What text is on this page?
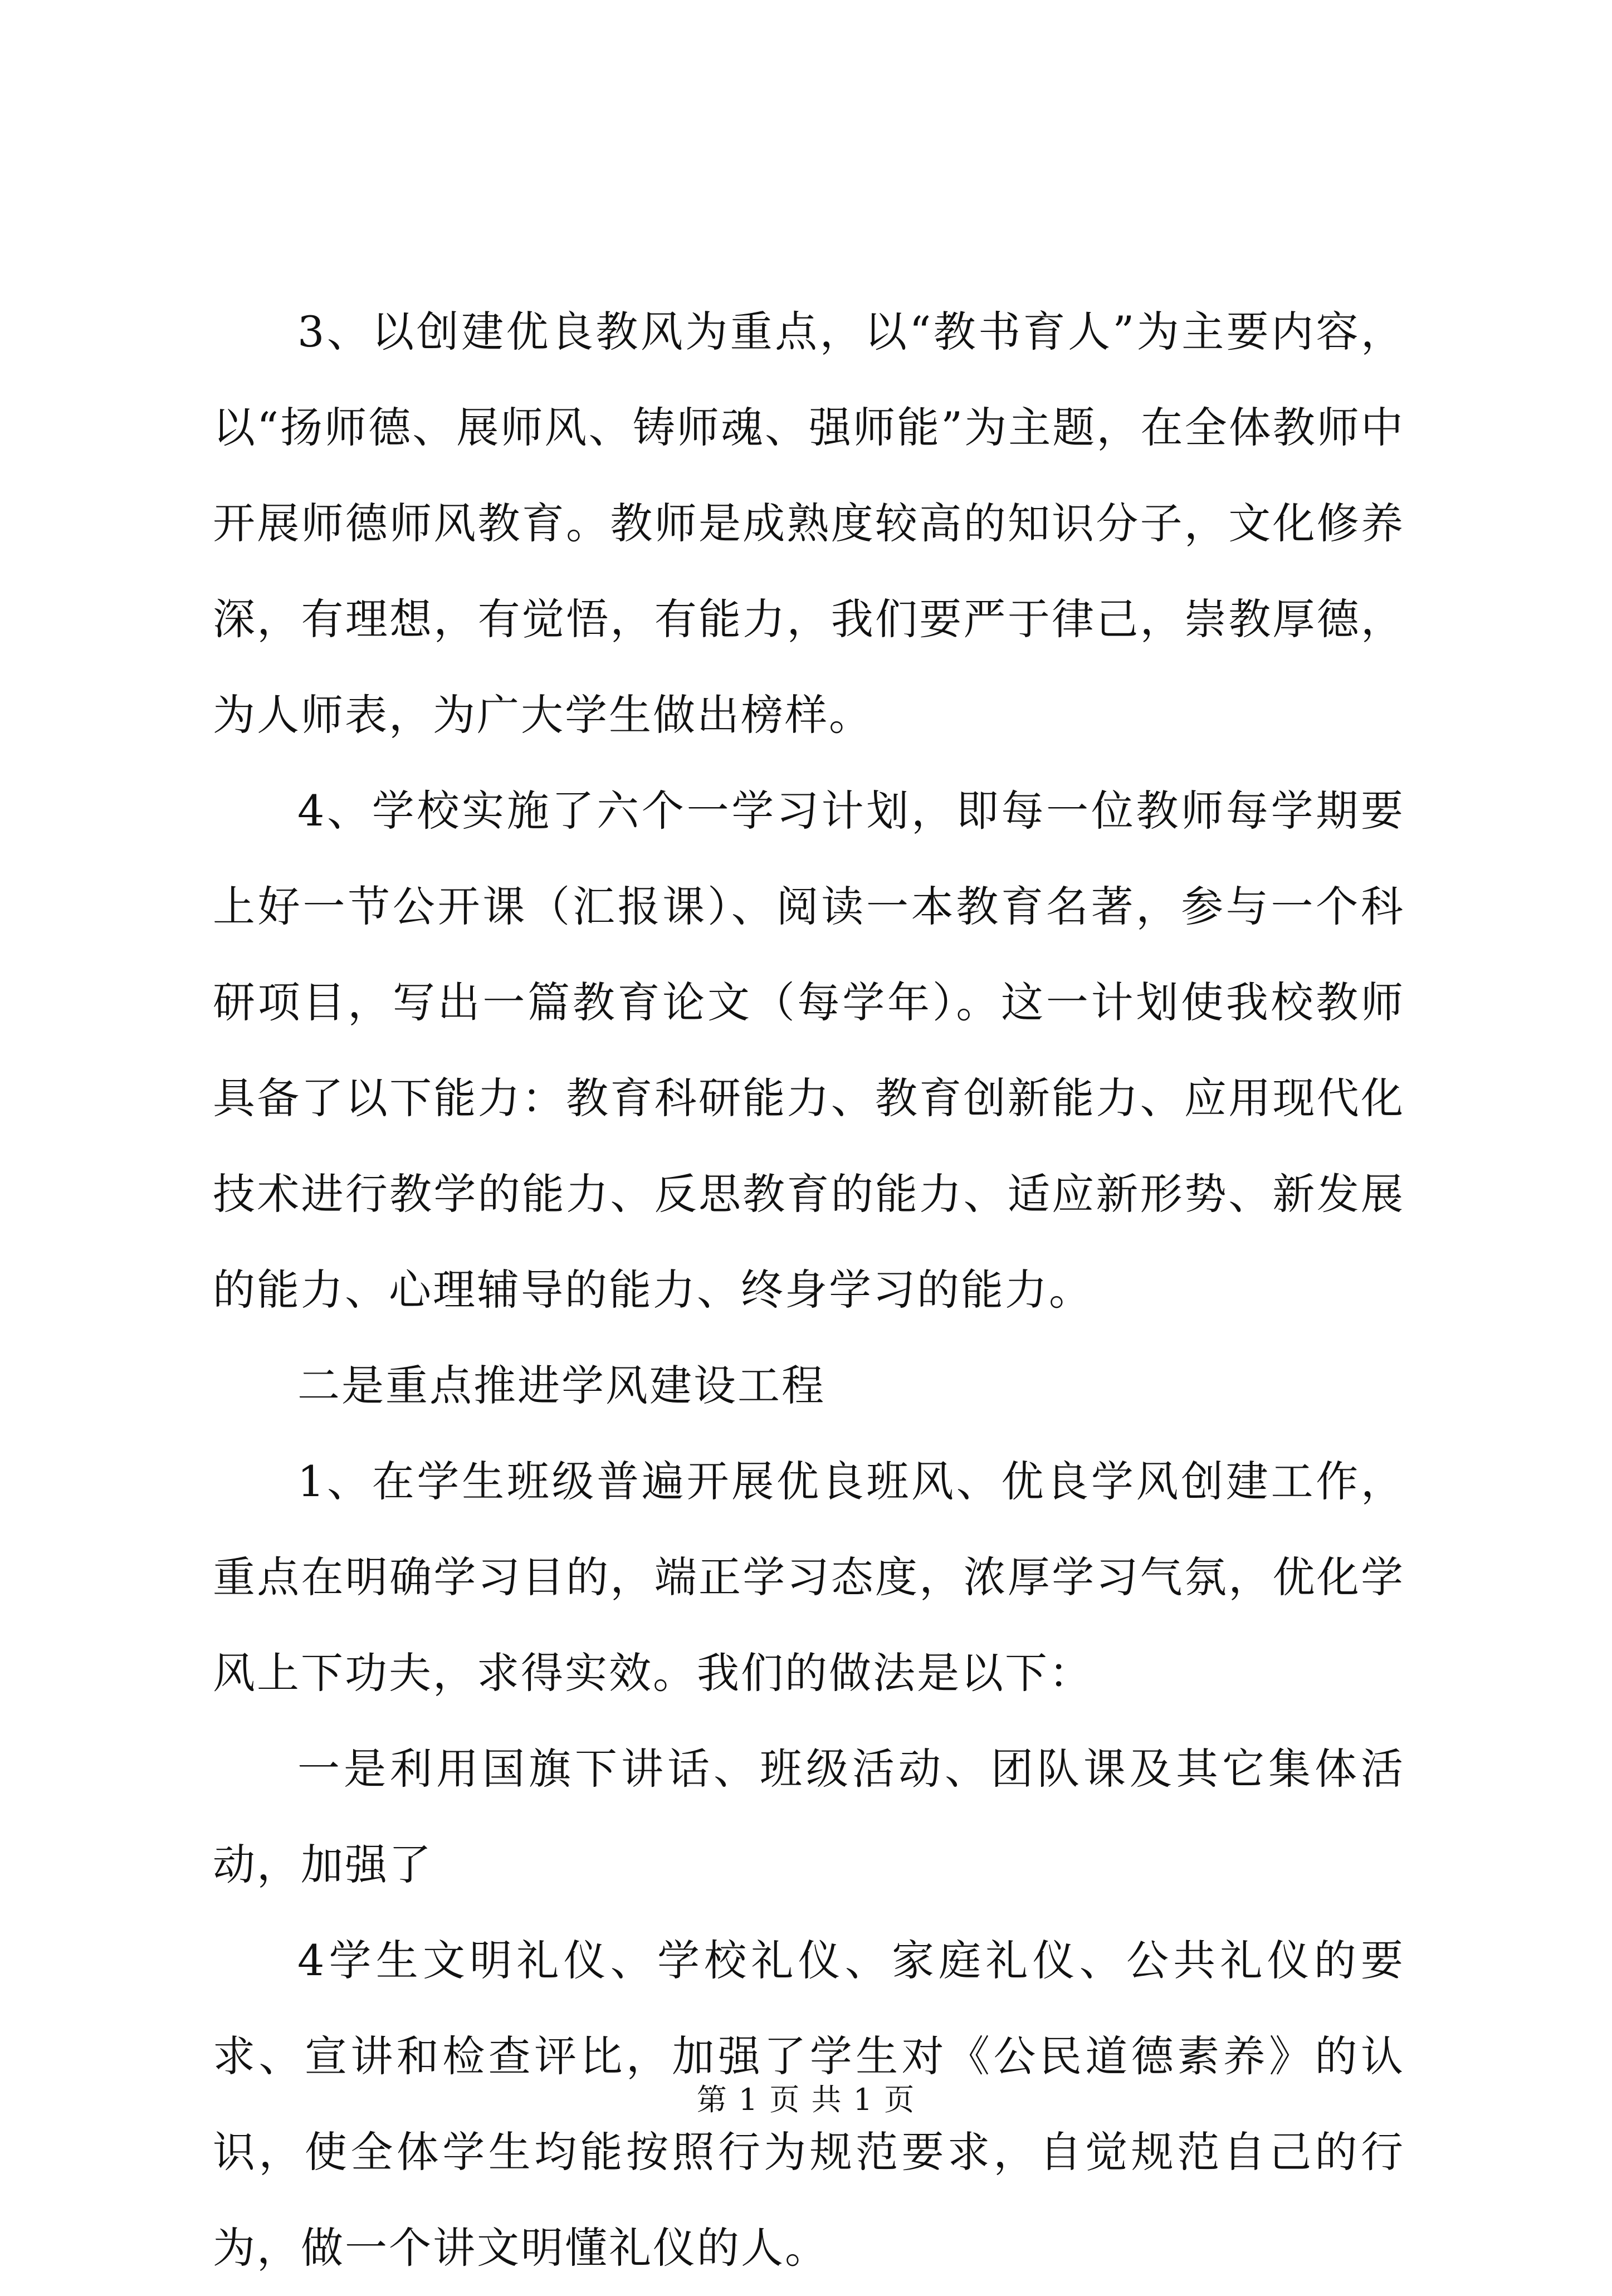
3、以创建优良教风为重点，以“教书育人”为主要内容，以“扬师德、展师风、铸师魂、强师能”为主题，在全体教师中开展师德师风教育。教师是成熟度较高的知识分子，文化修养深，有理想，有觉悟，有能力，我们要严于律己，崇教厚德，为人师表，为广大学生做出榜样。

4、学校实施了六个一学习计划，即每一位教师每学期要上好一节公开课（汇报课）、阅读一本教育名著，参与一个科研项目，写出一篇教育论文（每学年）。这一计划使我校教师具备了以下能力：教育科研能力、教育创新能力、应用现代化技术进行教学的能力、反思教育的能力、适应新形势、新发展的能力、心理辅导的能力、终身学习的能力。

二是重点推进学风建设工程

1、在学生班级普遍开展优良班风、优良学风创建工作，重点在明确学习目的，端正学习态度，浓厚学习气氛，优化学风上下功夫，求得实效。我们的做法是以下：

一是利用国旗下讲话、班级活动、团队课及其它集体活动，加强了

4学生文明礼仪、学校礼仪、家庭礼仪、公共礼仪的要求、宣讲和检查评比，加强了学生对《公民道德素养》的认识，使全体学生均能按照行为规范要求，自觉规范自己的行为，做一个讲文明懂礼仪的人。

第 1 页 共 1 页
